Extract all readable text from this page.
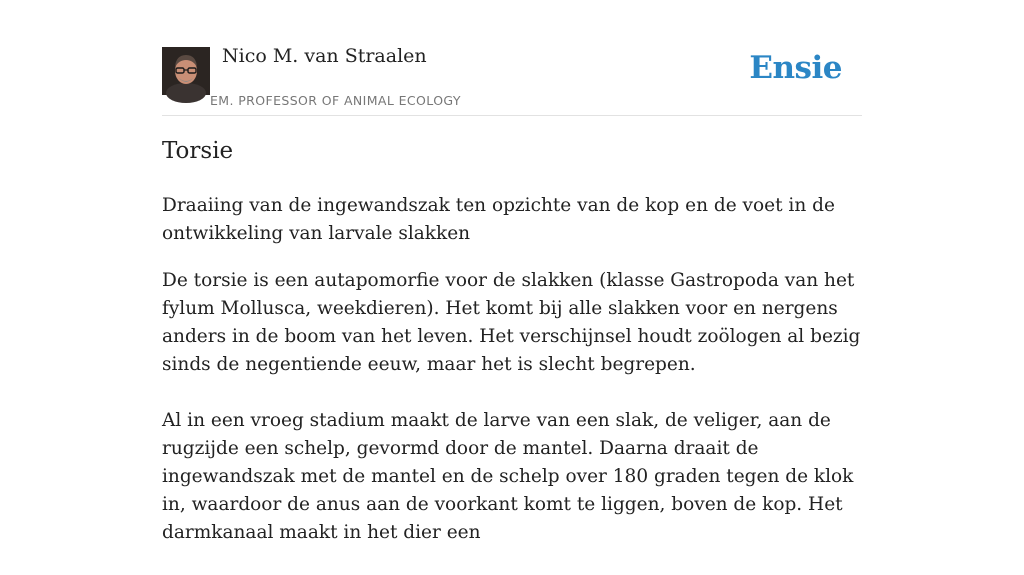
Nico M. van Straalen
EM. PROFESSOR OF ANIMAL ECOLOGY
Ensie
Torsie
Draaiing van de ingewandszak ten opzichte van de kop en de voet in de ontwikkeling van larvale slakken

De torsie is een autapomorfie voor de slakken (klasse Gastropoda van het fylum Mollusca, weekdieren). Het komt bij alle slakken voor en nergens anders in de boom van het leven. Het verschijnsel houdt zoölogen al bezig sinds de negentiende eeuw, maar het is slecht begrepen.

Al in een vroeg stadium maakt de larve van een slak, de veliger, aan de rugzijde een schelp, gevormd door de mantel. Daarna draait de ingewandszak met de mantel en de schelp over 180 graden tegen de klok in, waardoor de anus aan de voorkant komt te liggen, boven de kop. Het darmkanaal maakt in het dier een
